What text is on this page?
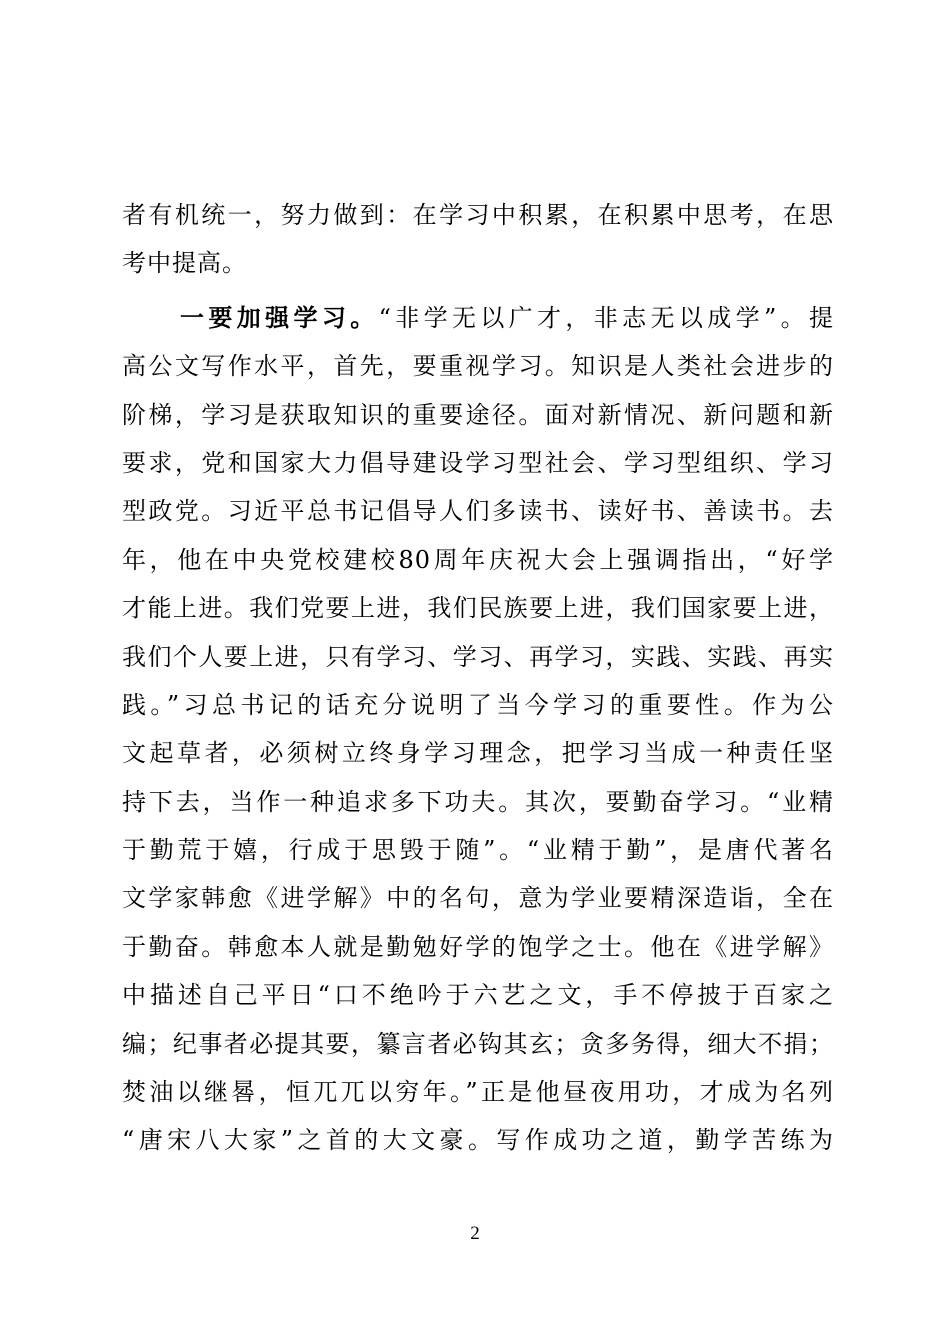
者有机统一，努力做到：在学习中积累，在积累中思考，在思
考中提高。
一要加强学习。“非学无以广才，非志无以成学”。提
高公文写作水平，首先，要重视学习。知识是人类社会进步的
阶梯，学习是获取知识的重要途径。面对新情况、新问题和新
要求，党和国家大力倡导建设学习型社会、学习型组织、学习
型政党。习近平总书记倡导人们多读书、读好书、善读书。去
年，他在中央党校建校80周年庆祝大会上强调指出，“好学
才能上进。我们党要上进，我们民族要上进，我们国家要上进，
我们个人要上进，只有学习、学习、再学习，实践、实践、再实
践。”习总书记的话充分说明了当今学习的重要性。作为公
文起草者，必须树立终身学习理念，把学习当成一种责任坚
持下去，当作一种追求多下功夫。其次，要勤奋学习。“业精
于勤荒于嬉，行成于思毁于随”。“业精于勤”，是唐代著名
文学家韩愈《进学解》中的名句，意为学业要精深造诣，全在
于勤奋。韩愈本人就是勤勉好学的饱学之士。他在《进学解》
中描述自己平日“口不绝吟于六艺之文，手不停披于百家之
编；纪事者必提其要，纂言者必钩其玄；贪多务得，细大不捐；
焚油以继晷，恒兀兀以穷年。”正是他昼夜用功，才成为名列
“唐宋八大家”之首的大文豪。写作成功之道，勤学苦练为
2
